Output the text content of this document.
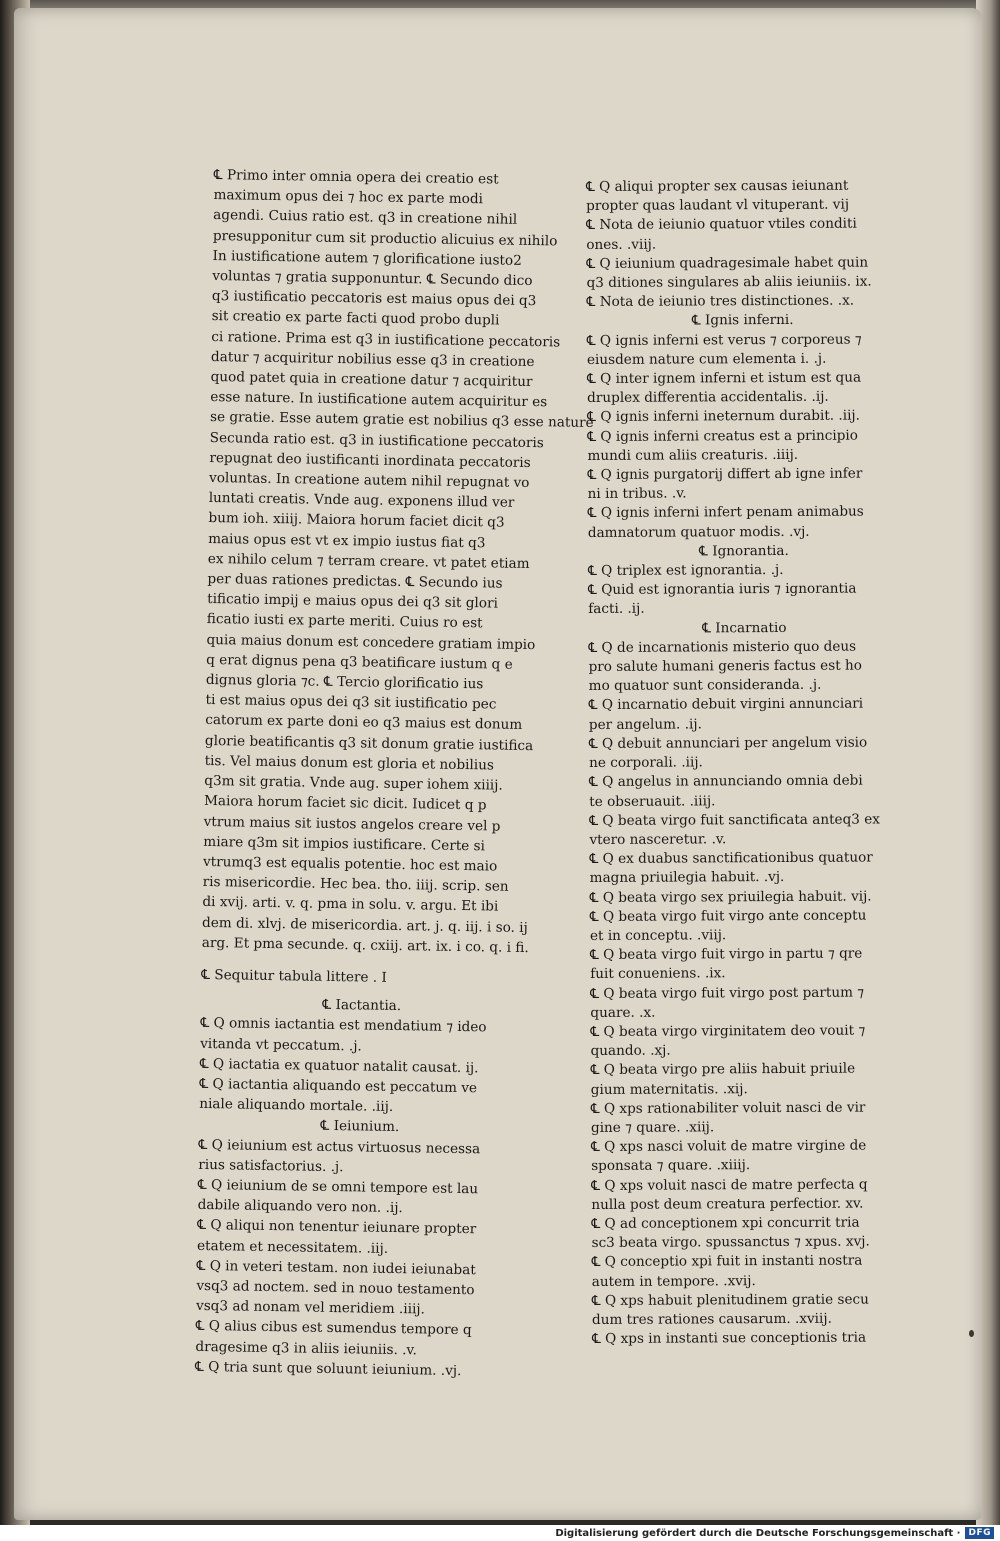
℄ Primo inter omnia opera dei creatio est
maximum opus dei ⁊ hoc ex parte modi
agendi. Cuius ratio est. q3 in creatione nihil
presupponitur cum sit productio alicuius ex nihilo
In iustificatione autem ⁊ glorificatione iusto2
voluntas ⁊ gratia supponuntur. ℄ Secundo dico
q3 iustificatio peccatoris est maius opus dei q3
sit creatio ex parte facti quod probo dupli
ci ratione. Prima est q3 in iustificatione peccatoris
datur ⁊ acquiritur nobilius esse q3 in creatione
quod patet quia in creatione datur ⁊ acquiritur
esse nature. In iustificatione autem acquiritur es
se gratie. Esse autem gratie est nobilius q3 esse nature
Secunda ratio est. q3 in iustificatione peccatoris
repugnat deo iustificanti inordinata peccatoris
voluntas. In creatione autem nihil repugnat vo
luntati creatis. Vnde aug. exponens illud ver
bum ioh. xiiij. Maiora horum faciet dicit q3
maius opus est vt ex impio iustus fiat q3
ex nihilo celum ⁊ terram creare. vt patet etiam
per duas rationes predictas. ℄ Secundo ius
tificatio impij e maius opus dei q3 sit glori
ficatio iusti ex parte meriti. Cuius ro est
quia maius donum est concedere gratiam impio
q erat dignus pena q3 beatificare iustum q e
dignus gloria ⁊c. ℄ Tercio glorificatio ius
ti est maius opus dei q3 sit iustificatio pec
catorum ex parte doni eo q3 maius est donum
glorie beatificantis q3 sit donum gratie iustifica
tis. Vel maius donum est gloria et nobilius
q3m sit gratia. Vnde aug. super iohem xiiij.
Maiora horum faciet sic dicit. Iudicet q p
vtrum maius sit iustos angelos creare vel p
miare q3m sit impios iustificare. Certe si
vtrumq3 est equalis potentie. hoc est maio
ris misericordie. Hec bea. tho. iiij. scrip. sen
di xvij. arti. v. q. pma in solu. v. argu. Et ibi
dem di. xlvj. de misericordia. art. j. q. iij. i so. ij
arg. Et pma secunde. q. cxiij. art. ix. i co. q. i fi.
℄ Sequitur tabula littere . I
℄ Iactantia.
℄ Q omnis iactantia est mendatium ⁊ ideo
vitanda vt peccatum. .j.
℄ Q iactatia ex quatuor natalit causat. ij.
℄ Q iactantia aliquando est peccatum ve
niale aliquando mortale. .iij.
℄ Ieiunium.
℄ Q ieiunium est actus virtuosus necessa
rius satisfactorius. .j.
℄ Q ieiunium de se omni tempore est lau
dabile aliquando vero non. .ij.
℄ Q aliqui non tenentur ieiunare propter
etatem et necessitatem. .iij.
℄ Q in veteri testam. non iudei ieiunabat
vsq3 ad noctem. sed in nouo testamento
vsq3 ad nonam vel meridiem .iiij.
℄ Q alius cibus est sumendus tempore q
dragesime q3 in aliis ieiuniis. .v.
℄ Q tria sunt que soluunt ieiunium. .vj.
℄ Q aliqui propter sex causas ieiunant
propter quas laudant vl vituperant. vij
℄ Nota de ieiunio quatuor vtiles conditi
ones. .viij.
℄ Q ieiunium quadragesimale habet quin
q3 ditiones singulares ab aliis ieiuniis. ix.
℄ Nota de ieiunio tres distinctiones. .x.
℄ Ignis inferni.
℄ Q ignis inferni est verus ⁊ corporeus ⁊
eiusdem nature cum elementa i. .j.
℄ Q inter ignem inferni et istum est qua
druplex differentia accidentalis. .ij.
℄ Q ignis inferni ineternum durabit. .iij.
℄ Q ignis inferni creatus est a principio
mundi cum aliis creaturis. .iiij.
℄ Q ignis purgatorij differt ab igne infer
ni in tribus. .v.
℄ Q ignis inferni infert penam animabus
damnatorum quatuor modis. .vj.
℄ Ignorantia.
℄ Q triplex est ignorantia. .j.
℄ Quid est ignorantia iuris ⁊ ignorantia
facti. .ij.
℄ Incarnatio
℄ Q de incarnationis misterio quo deus
pro salute humani generis factus est ho
mo quatuor sunt consideranda. .j.
℄ Q incarnatio debuit virgini annunciari
per angelum. .ij.
℄ Q debuit annunciari per angelum visio
ne corporali. .iij.
℄ Q angelus in annunciando omnia debi
te obseruauit. .iiij.
℄ Q beata virgo fuit sanctificata anteq3 ex
vtero nasceretur. .v.
℄ Q ex duabus sanctificationibus quatuor
magna priuilegia habuit. .vj.
℄ Q beata virgo sex priuilegia habuit. vij.
℄ Q beata virgo fuit virgo ante conceptu
et in conceptu. .viij.
℄ Q beata virgo fuit virgo in partu ⁊ qre
fuit conueniens. .ix.
℄ Q beata virgo fuit virgo post partum ⁊
quare. .x.
℄ Q beata virgo virginitatem deo vouit ⁊
quando. .xj.
℄ Q beata virgo pre aliis habuit priuile
gium maternitatis. .xij.
℄ Q xps rationabiliter voluit nasci de vir
gine ⁊ quare. .xiij.
℄ Q xps nasci voluit de matre virgine de
sponsata ⁊ quare. .xiiij.
℄ Q xps voluit nasci de matre perfecta q
nulla post deum creatura perfectior. xv.
℄ Q ad conceptionem xpi concurrit tria
sc3 beata virgo. spussanctus ⁊ xpus. xvj.
℄ Q conceptio xpi fuit in instanti nostra
autem in tempore. .xvij.
℄ Q xps habuit plenitudinem gratie secu
dum tres rationes causarum. .xviij.
℄ Q xps in instanti sue conceptionis tria
Digitalisierung gefördert durch die Deutsche Forschungsgemeinschaft · DFG
